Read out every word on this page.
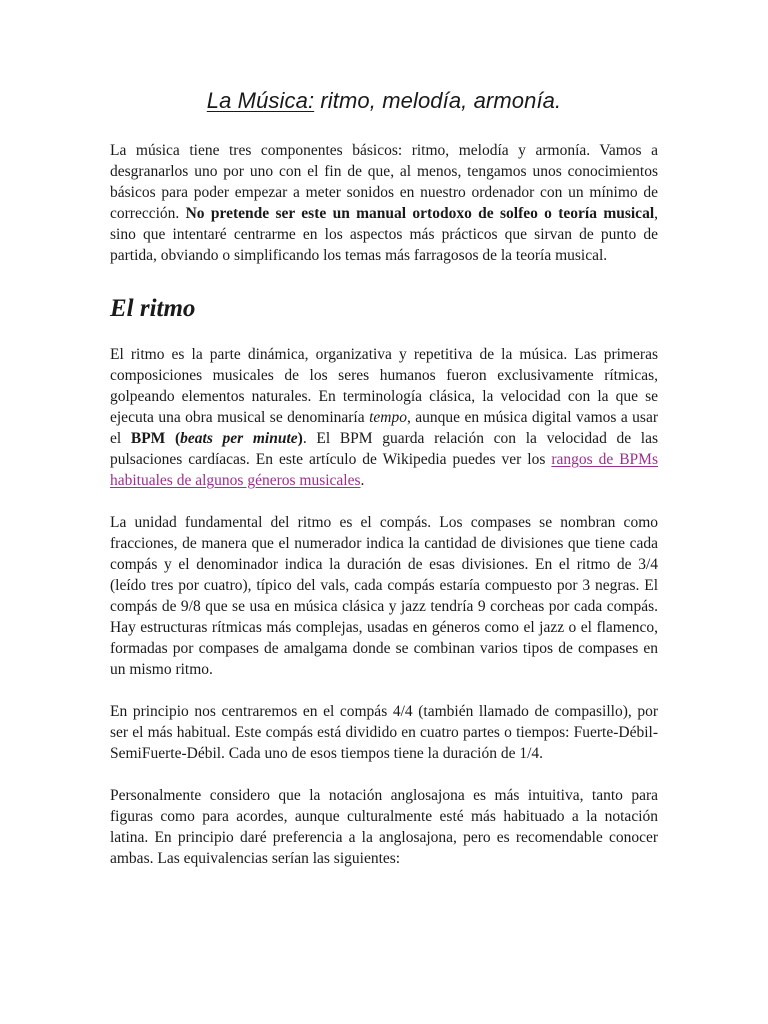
La Música: ritmo, melodía, armonía.

La música tiene tres componentes básicos: ritmo, melodía y armonía. Vamos a desgranarlos uno por uno con el fin de que, al menos, tengamos unos conocimientos básicos para poder empezar a meter sonidos en nuestro ordenador con un mínimo de corrección. No pretende ser este un manual ortodoxo de solfeo o teoría musical, sino que intentaré centrarme en los aspectos más prácticos que sirvan de punto de partida, obviando o simplificando los temas más farragosos de la teoría musical.

El ritmo

El ritmo es la parte dinámica, organizativa y repetitiva de la música. Las primeras composiciones musicales de los seres humanos fueron exclusivamente rítmicas, golpeando elementos naturales. En terminología clásica, la velocidad con la que se ejecuta una obra musical se denominaría tempo, aunque en música digital vamos a usar el BPM (beats per minute). El BPM guarda relación con la velocidad de las pulsaciones cardíacas. En este artículo de Wikipedia puedes ver los rangos de BPMs habituales de algunos géneros musicales.

La unidad fundamental del ritmo es el compás. Los compases se nombran como fracciones, de manera que el numerador indica la cantidad de divisiones que tiene cada compás y el denominador indica la duración de esas divisiones. En el ritmo de 3/4 (leído tres por cuatro), típico del vals, cada compás estaría compuesto por 3 negras. El compás de 9/8 que se usa en música clásica y jazz tendría 9 corcheas por cada compás. Hay estructuras rítmicas más complejas, usadas en géneros como el jazz o el flamenco, formadas por compases de amalgama donde se combinan varios tipos de compases en un mismo ritmo.

En principio nos centraremos en el compás 4/4 (también llamado de compasillo), por ser el más habitual. Este compás está dividido en cuatro partes o tiempos: Fuerte-Débil-SemiFuerte-Débil. Cada uno de esos tiempos tiene la duración de 1/4.

Personalmente considero que la notación anglosajona es más intuitiva, tanto para figuras como para acordes, aunque culturalmente esté más habituado a la notación latina. En principio daré preferencia a la anglosajona, pero es recomendable conocer ambas. Las equivalencias serían las siguientes:
